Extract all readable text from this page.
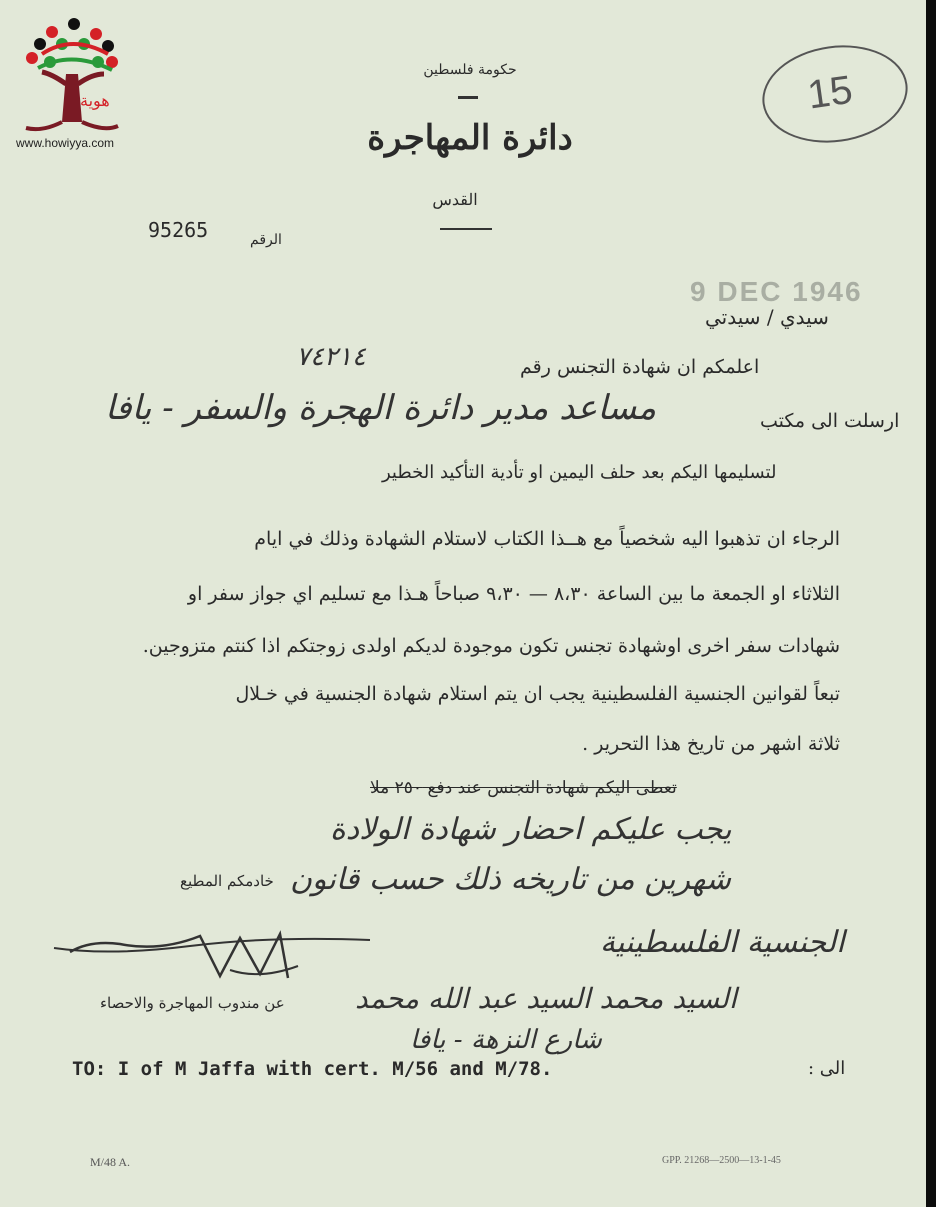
هوية
www.howiyya.com
حكومة فلسطين
دائرة المهاجرة
القدس
95265	الرقم
15
9 DEC 1946
سيدي / سيدتي
اعلمكم ان شهادة التجنس رقم
٧٤٢١٤
ارسلت الى مكتب
مساعد مدير دائرة الهجرة والسفر - يافا
لتسليمها اليكم بعد حلف اليمين او تأدية التأكيد الخطير
الرجاء ان تذهبوا اليه شخصياً مع هــذا الكتاب لاستلام الشهادة وذلك في ايام
الثلاثاء او الجمعة ما بين الساعة ٨،٣٠ — ٩،٣٠ صباحاً هـذا مع تسليم اي جواز سفر او
شهادات سفر اخرى اوشهادة تجنس تكون موجودة لديكم اولدى زوجتكم اذا كنتم متزوجين.
تبعاً لقوانين الجنسية الفلسطينية يجب ان يتم استلام شهادة الجنسية في خـلال
ثلاثة اشهر من تاريخ هذا التحرير .
تعطى اليكم شهادة التجنس عند دفع ٢٥٠ ملا
يجب عليكم احضار شهادة الولادة
شهرين من تاريخه ذلك حسب قانون
الجنسية الفلسطينية
خادمكم المطيع
عن مندوب المهاجرة والاحصاء	السيد محمد السيد عبد الله محمد
شارع النزهة - يافا
TO: I of M Jaffa with cert. M/56 and M/78.	الى :
M/48 A.	GPP. 21268—2500—13-1-45
